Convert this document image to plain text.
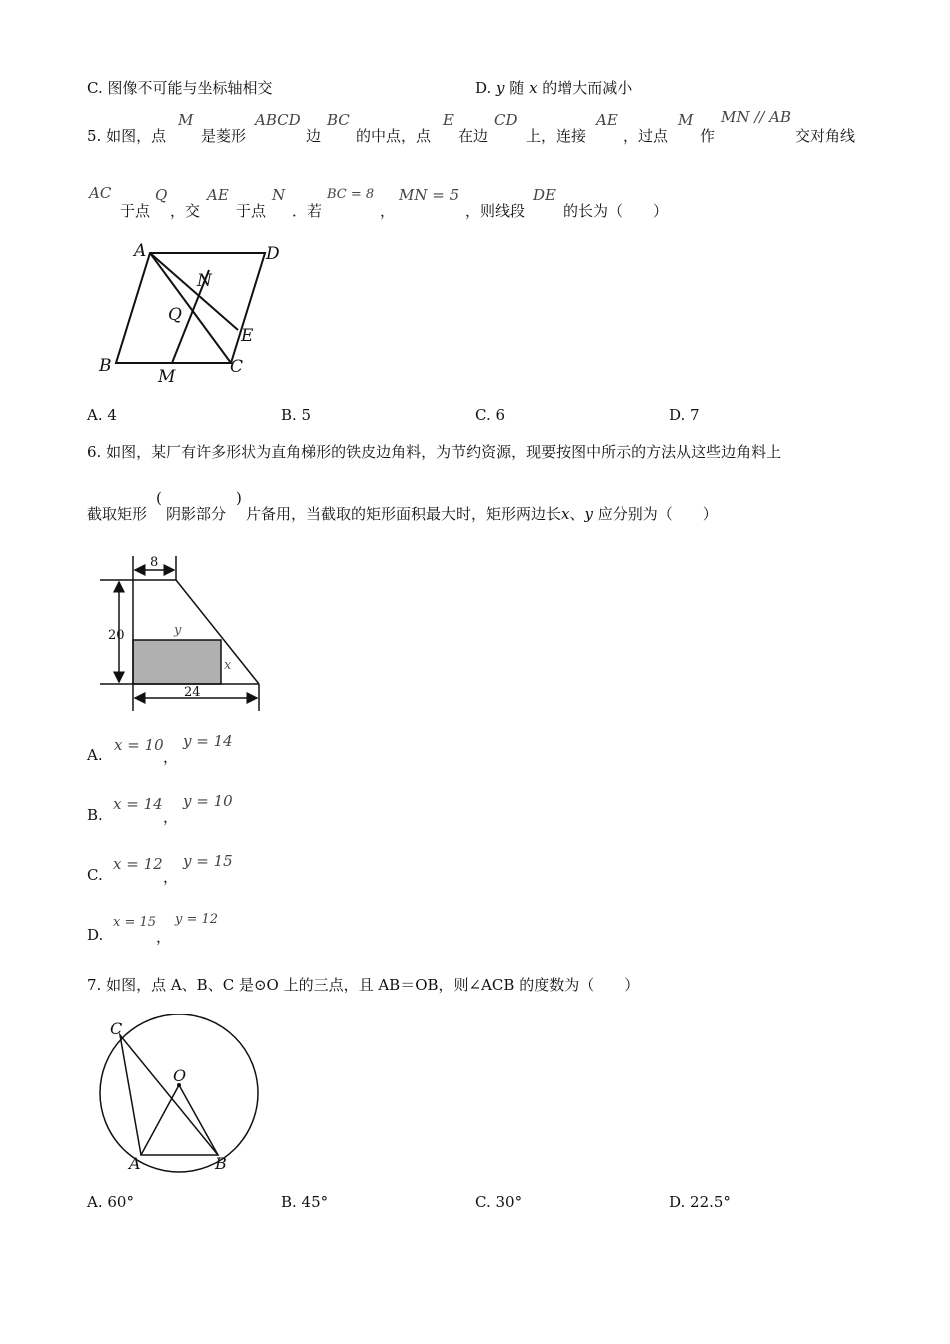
C. 图像不可能与坐标轴相交	D. y 随 x 的增大而减小
5. 如图，点
M
是菱形
ABCD
边
BC
的中点，点
E
在边
CD
上，连接
AE
，过点
M
作
MN // AB
交对角线
AC
于点
Q
，交
AE
于点
N
．若
BC = 8
，
MN = 5
，则线段
DE
的长为（　　）
A	D
N
Q
E
B
M	C
A. 4	B. 5	C. 6	D. 7
6. 如图，某厂有许多形状为直角梯形的铁皮边角料，为节约资源，现要按图中所示的方法从这些边角料上
截取矩形
(
阴影部分
)
片备用，当截取的矩形面积最大时，矩形两边长x、y 应分别为（　　）
8
20
24
y
x
A.
x = 10
，
y = 14
B.
x = 14
，
y = 10
C.
x = 12
，
y = 15
D.
x = 15
，
y = 12
7. 如图，点 A、B、C 是⊙O 上的三点，且 AB＝OB，则∠ACB 的度数为（　　）
C
O
A	B
A. 60°	B. 45°	C. 30°	D. 22.5°
